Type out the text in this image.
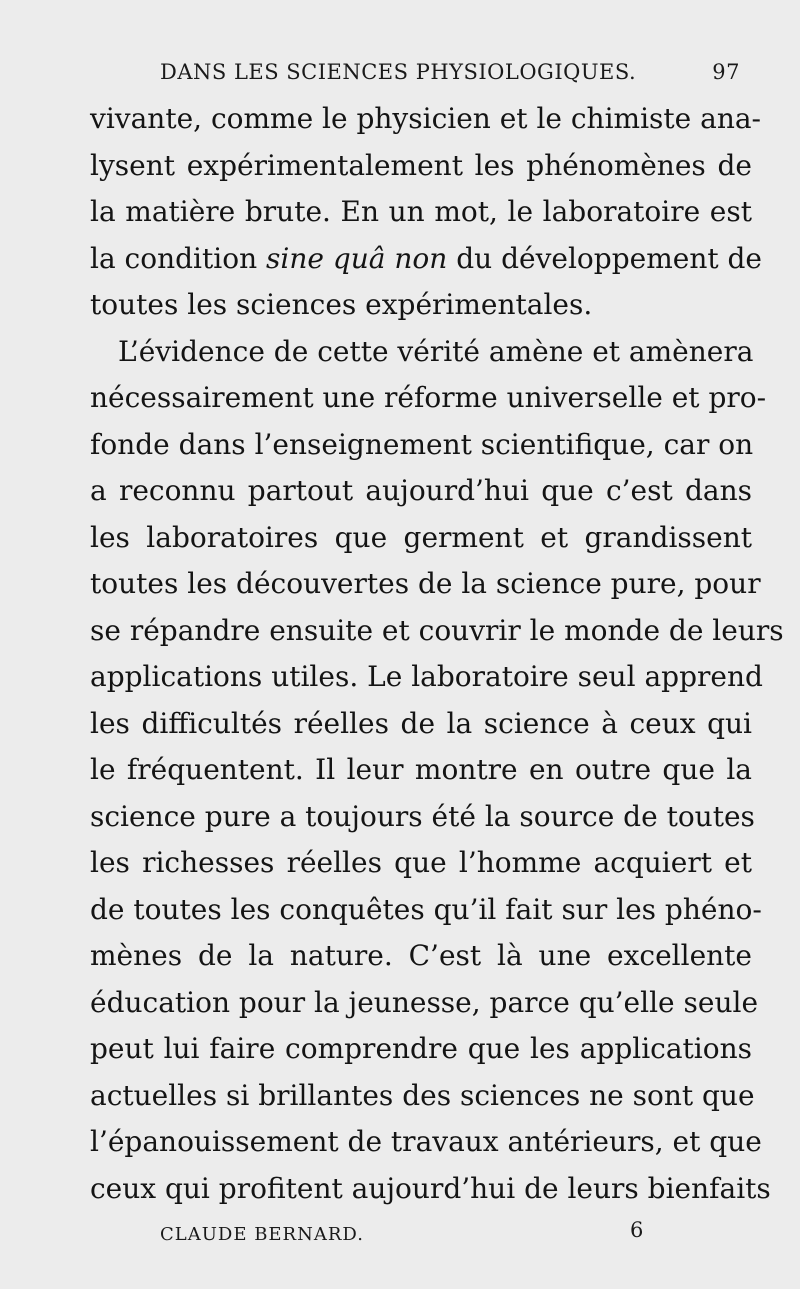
DANS LES SCIENCES PHYSIOLOGIQUES.	97
vivante, comme le physicien et le chimiste ana-
lysent expérimentalement les phénomènes de
la matière brute. En un mot, le laboratoire est
la condition sine quâ non du développement de
toutes les sciences expérimentales.
L’évidence de cette vérité amène et amènera
nécessairement une réforme universelle et pro-
fonde dans l’enseignement scientifique, car on
a reconnu partout aujourd’hui que c’est dans
les laboratoires que germent et grandissent
toutes les découvertes de la science pure, pour
se répandre ensuite et couvrir le monde de leurs
applications utiles. Le laboratoire seul apprend
les difficultés réelles de la science à ceux qui
le fréquentent. Il leur montre en outre que la
science pure a toujours été la source de toutes
les richesses réelles que l’homme acquiert et
de toutes les conquêtes qu’il fait sur les phéno-
mènes de la nature. C’est là une excellente
éducation pour la jeunesse, parce qu’elle seule
peut lui faire comprendre que les applications
actuelles si brillantes des sciences ne sont que
l’épanouissement de travaux antérieurs, et que
ceux qui profitent aujourd’hui de leurs bienfaits
CLAUDE BERNARD.	6
